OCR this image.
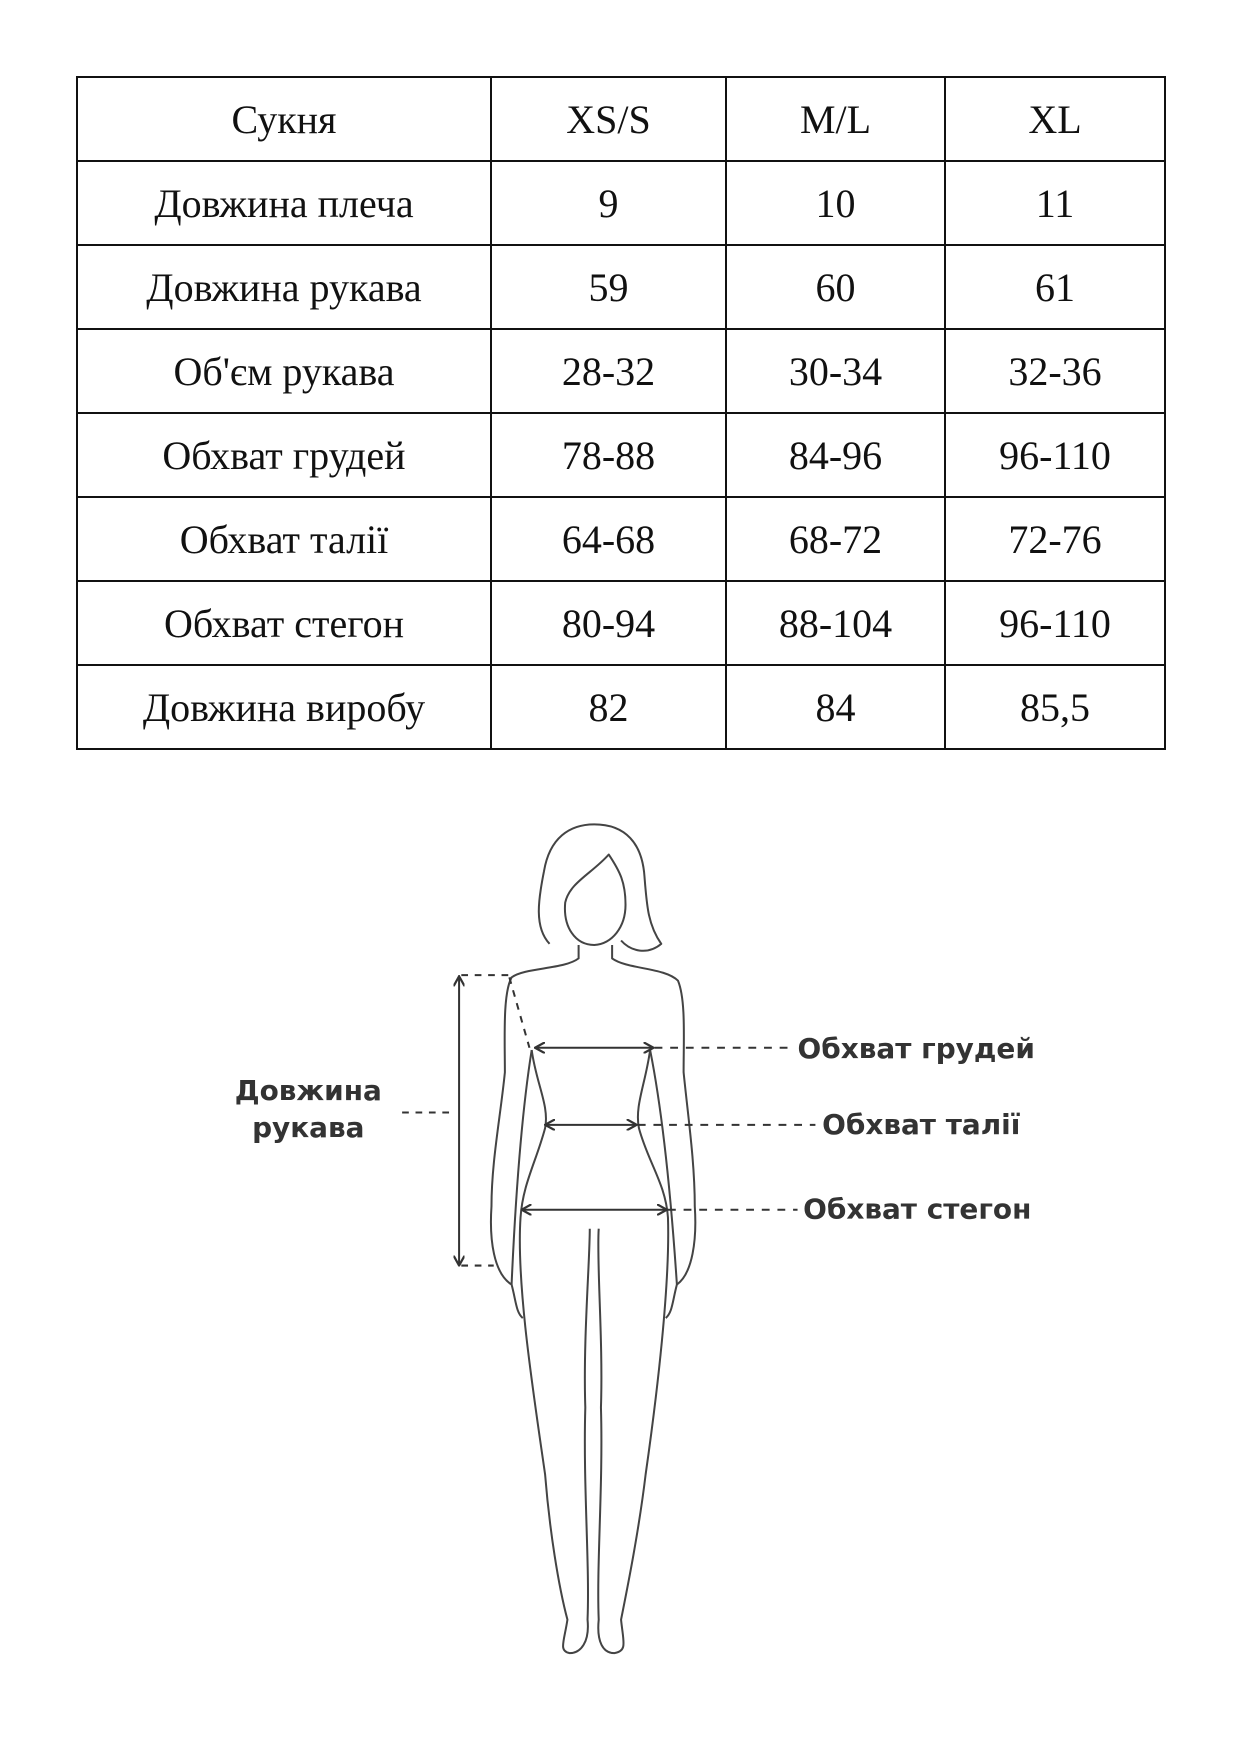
Сукня	XS/S	M/L	XL
Довжина плеча	9	10	11
Довжина рукава	59	60	61
Об'єм рукава	28-32	30-34	32-36
Обхват грудей	78-88	84-96	96-110
Обхват талії	64-68	68-72	72-76
Обхват стегон	80-94	88-104	96-110
Довжина виробу	82	84	85,5
Довжина
рукава
Обхват грудей
Обхват талії
Обхват стегон
